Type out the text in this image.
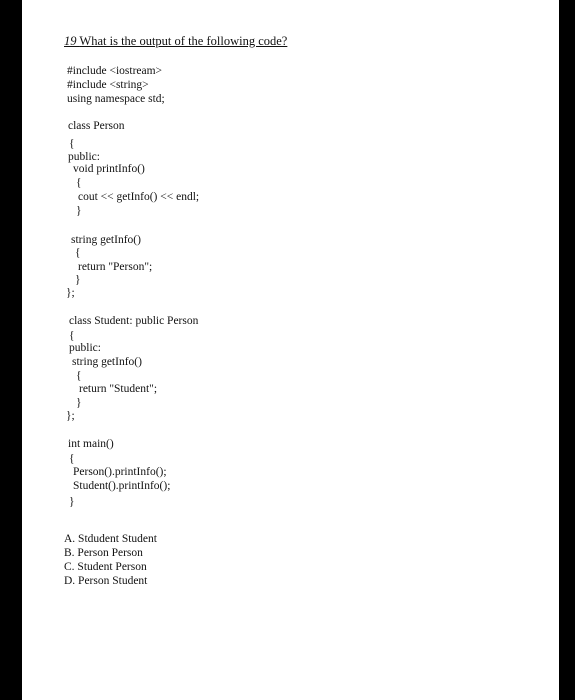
19 What is the output of the following code?
#include <iostream>
#include <string>
using namespace std;
class Person
{
public:
void printInfo()
{
cout << getInfo() << endl;
}
string getInfo()
{
return "Person";
}
};
class Student: public Person
{
public:
string getInfo()
{
return "Student";
}
};
int main()
{
Person().printInfo();
Student().printInfo();
}
A. Stdudent Student
B. Person Person
C. Student Person
D. Person Student
